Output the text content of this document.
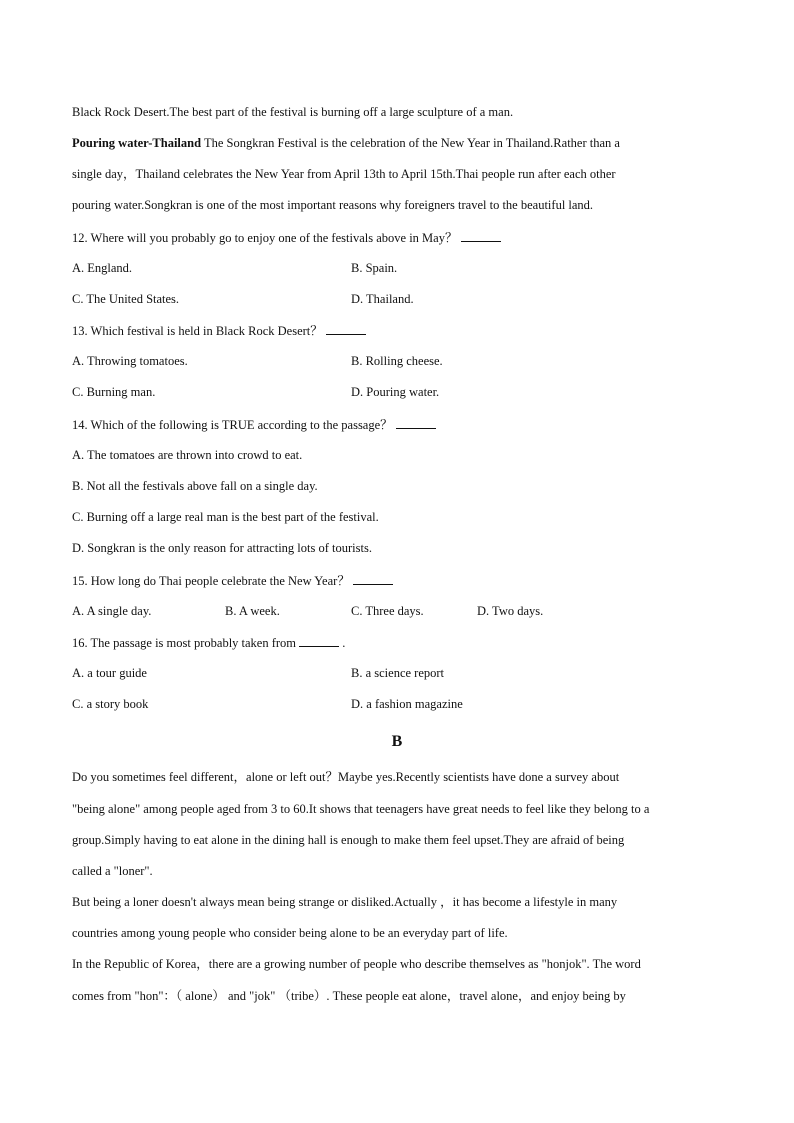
Black Rock Desert.The best part of the festival is burning off a large sculpture of a man.
Pouring water-Thailand The Songkran Festival is the celebration of the New Year in Thailand.Rather than a
single day，Thailand celebrates the New Year from April 13th to April 15th.Thai people run after each other
pouring water.Songkran is one of the most important reasons why foreigners travel to the beautiful land.
12. Where will you probably go to enjoy one of the festivals above in May？
A. England.	B. Spain.
C. The United States.	D. Thailand.
13. Which festival is held in Black Rock Desert？
A. Throwing tomatoes.	B. Rolling cheese.
C. Burning man.	D. Pouring water.
14. Which of the following is TRUE according to the passage？
A. The tomatoes are thrown into crowd to eat.
B. Not all the festivals above fall on a single day.
C. Burning off a large real man is the best part of the festival.
D. Songkran is the only reason for attracting lots of tourists.
15. How long do Thai people celebrate the New Year？
A. A single day.	B. A week.	C. Three days.	D. Two days.
16. The passage is most probably taken from	.
A. a tour guide	B. a science report
C. a story book	D. a fashion magazine
B
Do you sometimes feel different，alone or left out？Maybe yes.Recently scientists have done a survey about
"being alone" among people aged from 3 to 60.It shows that teenagers have great needs to feel like they belong to a
group.Simply having to eat alone in the dining hall is enough to make them feel upset.They are afraid of being
called a "loner".
But being a loner doesn't always mean being strange or disliked.Actually ，it has become a lifestyle in many
countries among young people who consider being alone to be an everyday part of life.
In the Republic of Korea，there are a growing number of people who describe themselves as "honjok". The word
comes from "hon"：（ alone） and "jok" （tribe）. These people eat alone，travel alone，and enjoy being by
